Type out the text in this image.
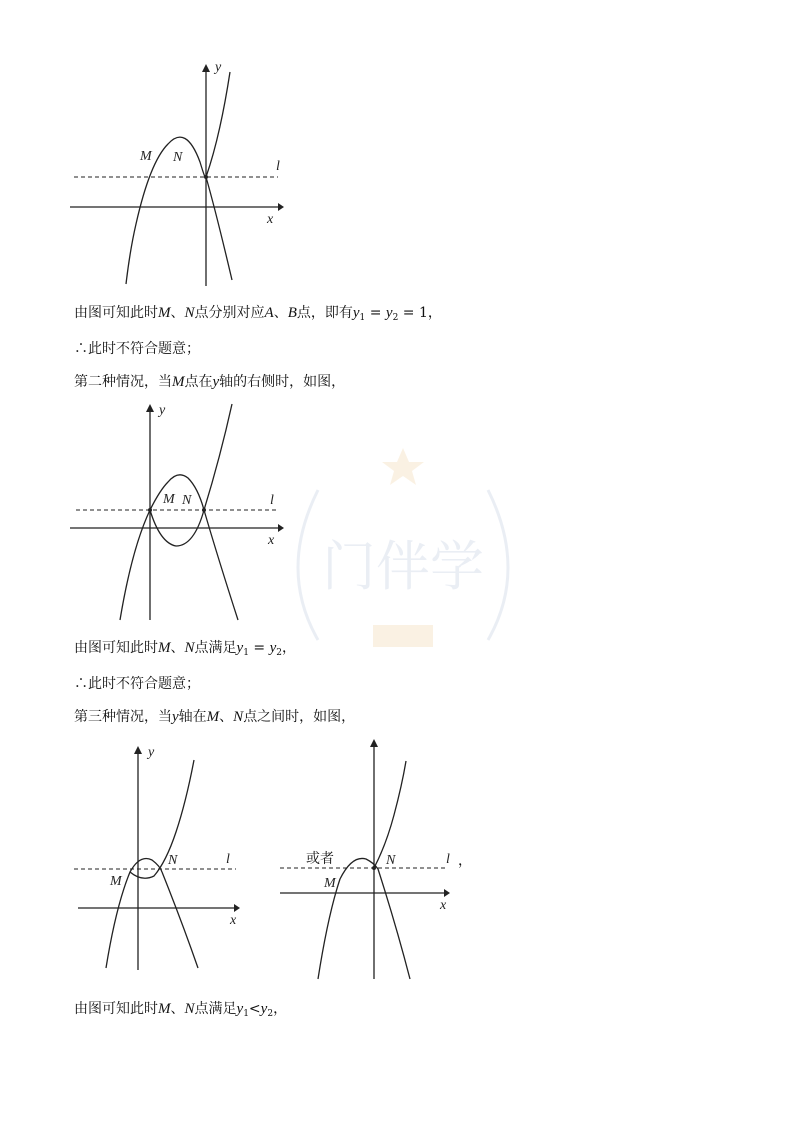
门伴学
y
x
l
M N
由图可知此时M、N点分别对应A、B点，即有$y_1 = y_2 = 1$，
∴此时不符合题意；
第二种情况，当M点在y轴的右侧时，如图，
y
x
l
M N
由图可知此时M、N点满足$y_1 = y_2$，
∴此时不符合题意；
第三种情况，当y轴在M、N点之间时，如图，
y
x
l
M
N	或者
x
l
M
N	，
由图可知此时M、N点满足$y_1<y_2$，
